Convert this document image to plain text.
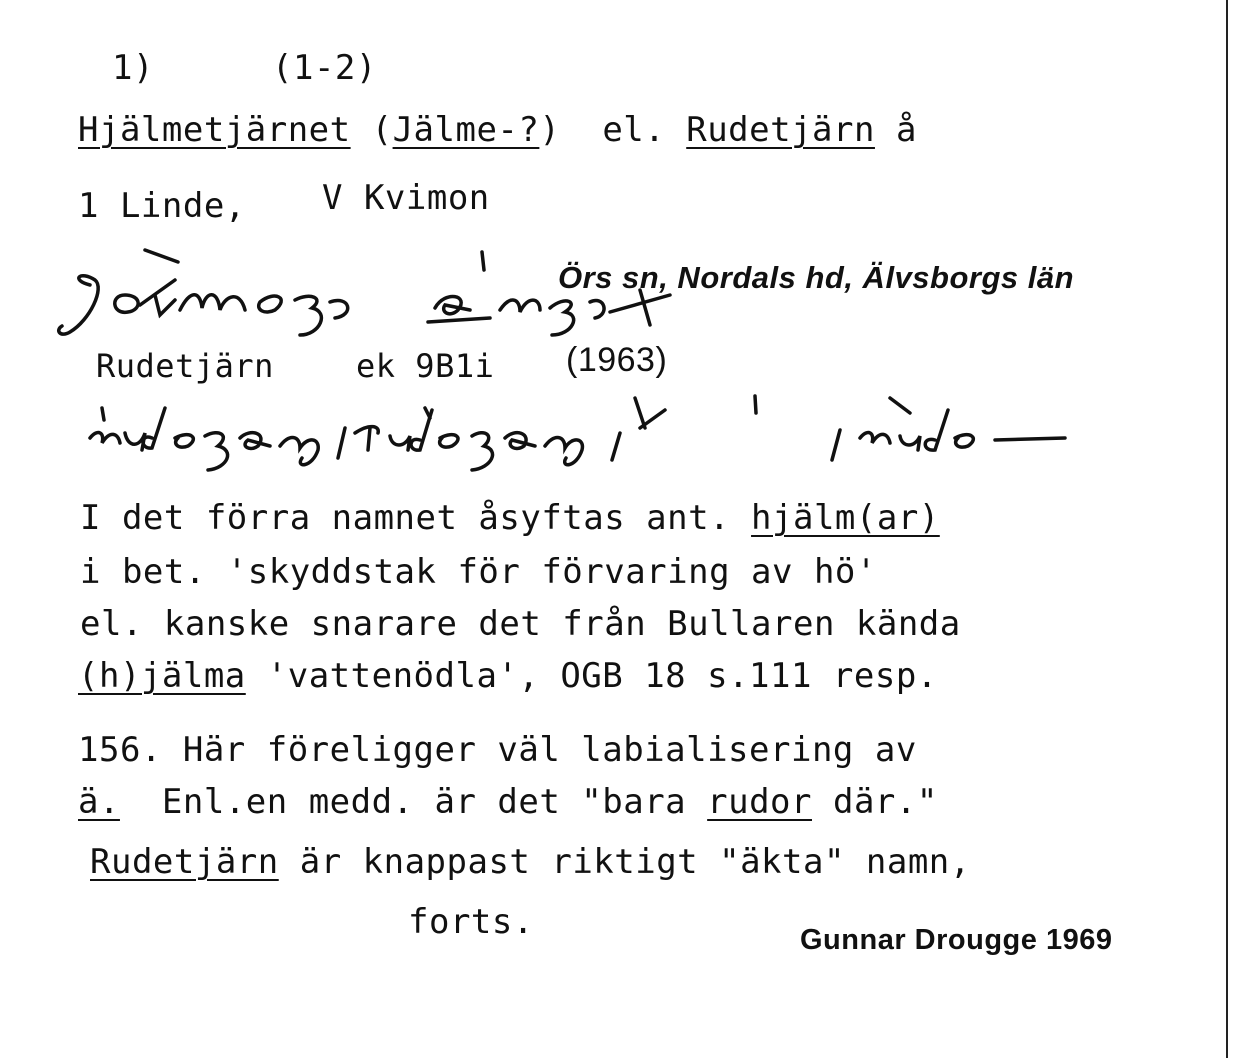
1)	(1-2)
Hjälmetjärnet (Jälme-?) el. Rudetjärn å
1 Linde, V Kvimon
Örs sn, Nordals hd, Älvsborgs län
Rudetjärn	ek 9B1i (1963)
I det förra namnet åsyftas ant. hjälm(ar)
i bet. 'skyddstak för förvaring av hö'
el. kanske snarare det från Bullaren kända
(h)jälma 'vattenödla', OGB 18 s.111 resp.
156. Här föreligger väl labialisering av
ä. Enl.en medd. är det "bara rudor där."
Rudetjärn är knappast riktigt "äkta" namn,
forts.	Gunnar Drougge 1969
